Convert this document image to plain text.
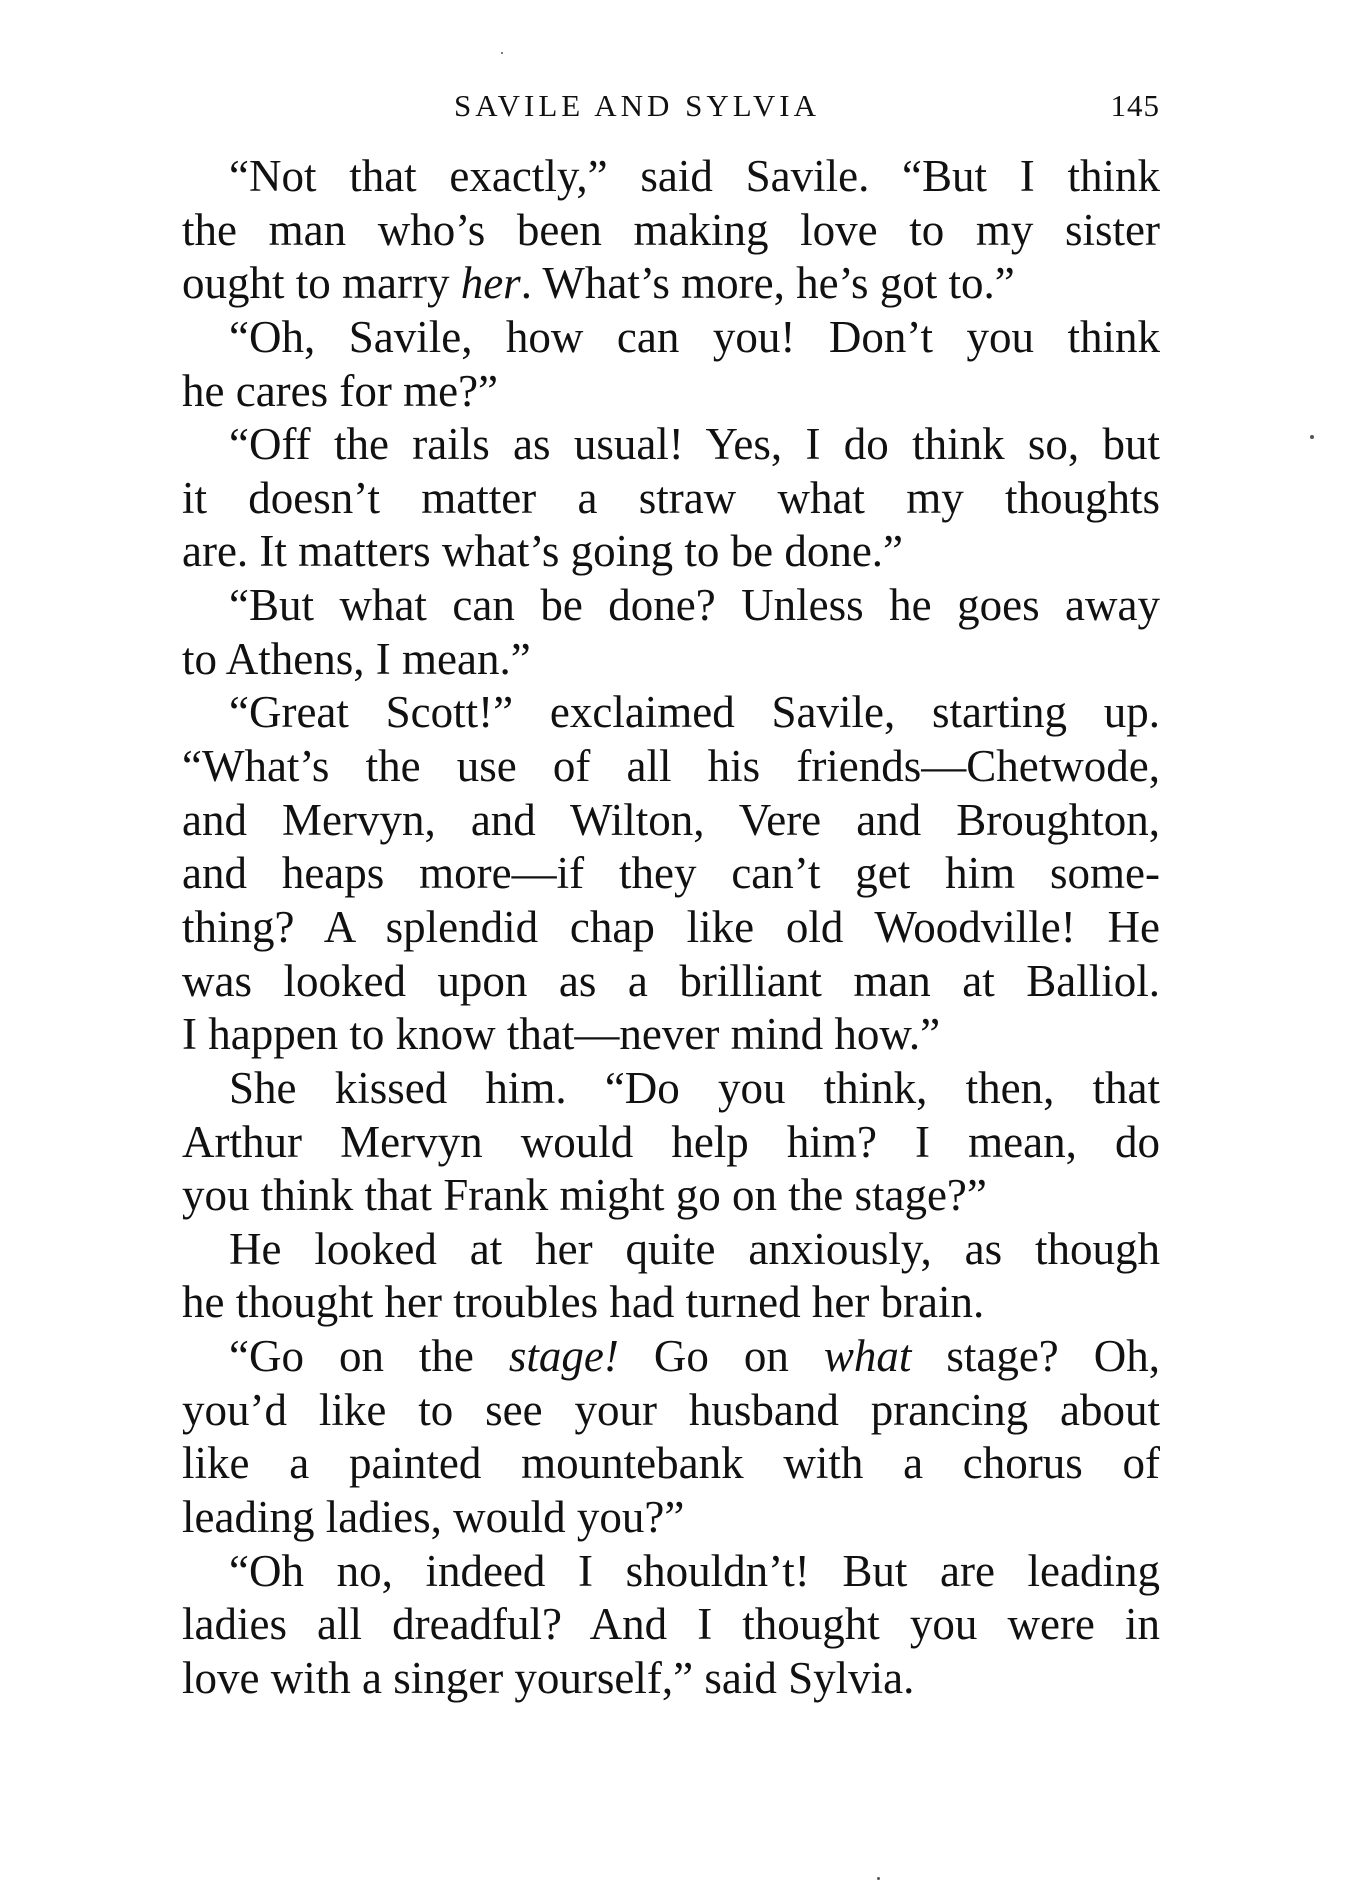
SAVILE AND SYLVIA	145
“Not that exactly,” said Savile. “But I think
the man who’s been making love to my sister
ought to marry her. What’s more, he’s got to.”
“Oh, Savile, how can you! Don’t you think
he cares for me?”
“Off the rails as usual! Yes, I do think so, but
it doesn’t matter a straw what my thoughts
are. It matters what’s going to be done.”
“But what can be done? Unless he goes away
to Athens, I mean.”
“Great Scott!” exclaimed Savile, starting up.
“What’s the use of all his friends—Chetwode,
and Mervyn, and Wilton, Vere and Broughton,
and heaps more—if they can’t get him some-
thing? A splendid chap like old Woodville! He
was looked upon as a brilliant man at Balliol.
I happen to know that—never mind how.”
She kissed him. “Do you think, then, that
Arthur Mervyn would help him? I mean, do
you think that Frank might go on the stage?”
He looked at her quite anxiously, as though
he thought her troubles had turned her brain.
“Go on the stage! Go on what stage? Oh,
you’d like to see your husband prancing about
like a painted mountebank with a chorus of
leading ladies, would you?”
“Oh no, indeed I shouldn’t! But are leading
ladies all dreadful? And I thought you were in
love with a singer yourself,” said Sylvia.
